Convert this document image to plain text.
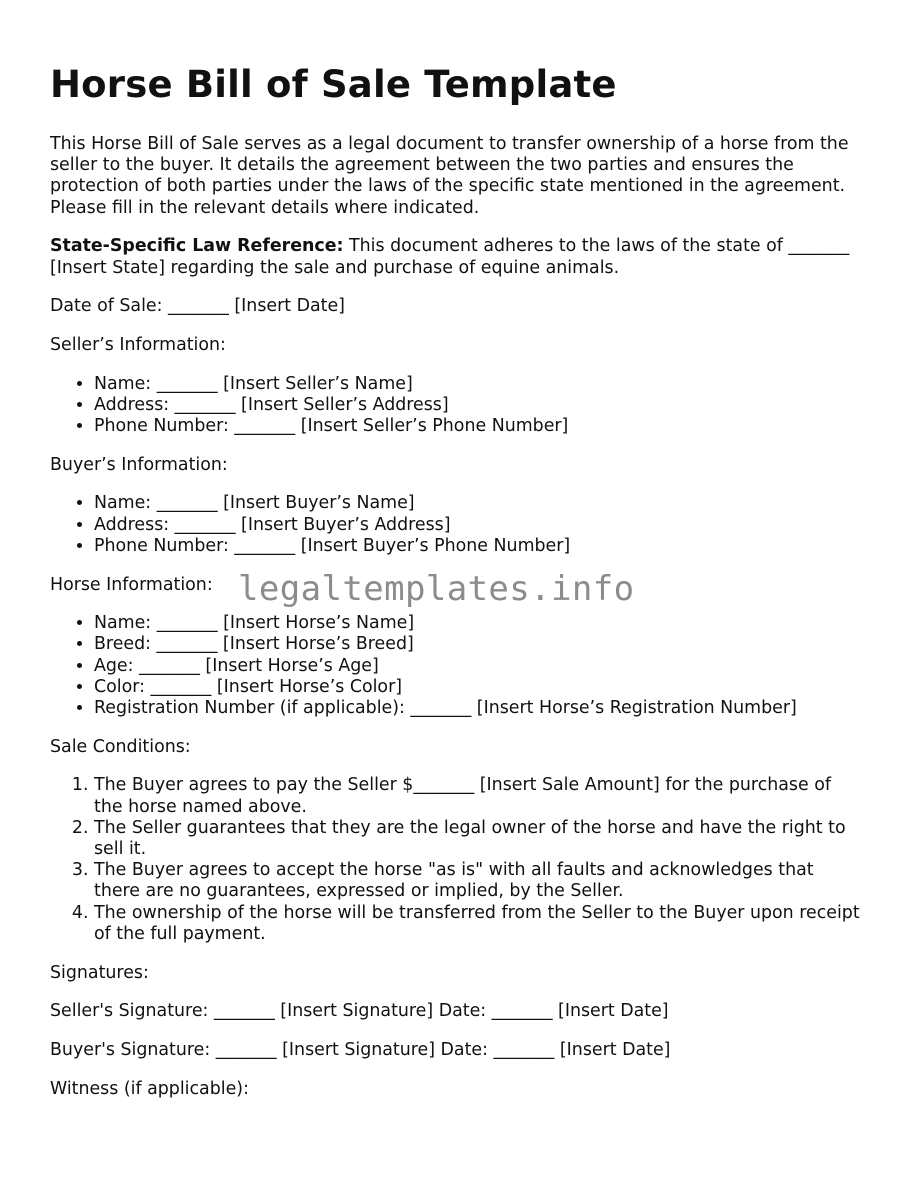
Horse Bill of Sale Template

This Horse Bill of Sale serves as a legal document to transfer ownership of a horse from the seller to the buyer. It details the agreement between the two parties and ensures the protection of both parties under the laws of the specific state mentioned in the agreement. Please fill in the relevant details where indicated.

State-Specific Law Reference: This document adheres to the laws of the state of _______ [Insert State] regarding the sale and purchase of equine animals.

Date of Sale: _______ [Insert Date]

Seller’s Information:

• Name: _______ [Insert Seller’s Name]
• Address: _______ [Insert Seller’s Address]
• Phone Number: _______ [Insert Seller’s Phone Number]

Buyer’s Information:

• Name: _______ [Insert Buyer’s Name]
• Address: _______ [Insert Buyer’s Address]
• Phone Number: _______ [Insert Buyer’s Phone Number]

Horse Information:

• Name: _______ [Insert Horse’s Name]
• Breed: _______ [Insert Horse’s Breed]
• Age: _______ [Insert Horse’s Age]
• Color: _______ [Insert Horse’s Color]
• Registration Number (if applicable): _______ [Insert Horse’s Registration Number]

Sale Conditions:

1. The Buyer agrees to pay the Seller $_______ [Insert Sale Amount] for the purchase of the horse named above.
2. The Seller guarantees that they are the legal owner of the horse and have the right to sell it.
3. The Buyer agrees to accept the horse "as is" with all faults and acknowledges that there are no guarantees, expressed or implied, by the Seller.
4. The ownership of the horse will be transferred from the Seller to the Buyer upon receipt of the full payment.

Signatures:

Seller's Signature: _______ [Insert Signature] Date: _______ [Insert Date]

Buyer's Signature: _______ [Insert Signature] Date: _______ [Insert Date]

Witness (if applicable):

legaltemplates.info
